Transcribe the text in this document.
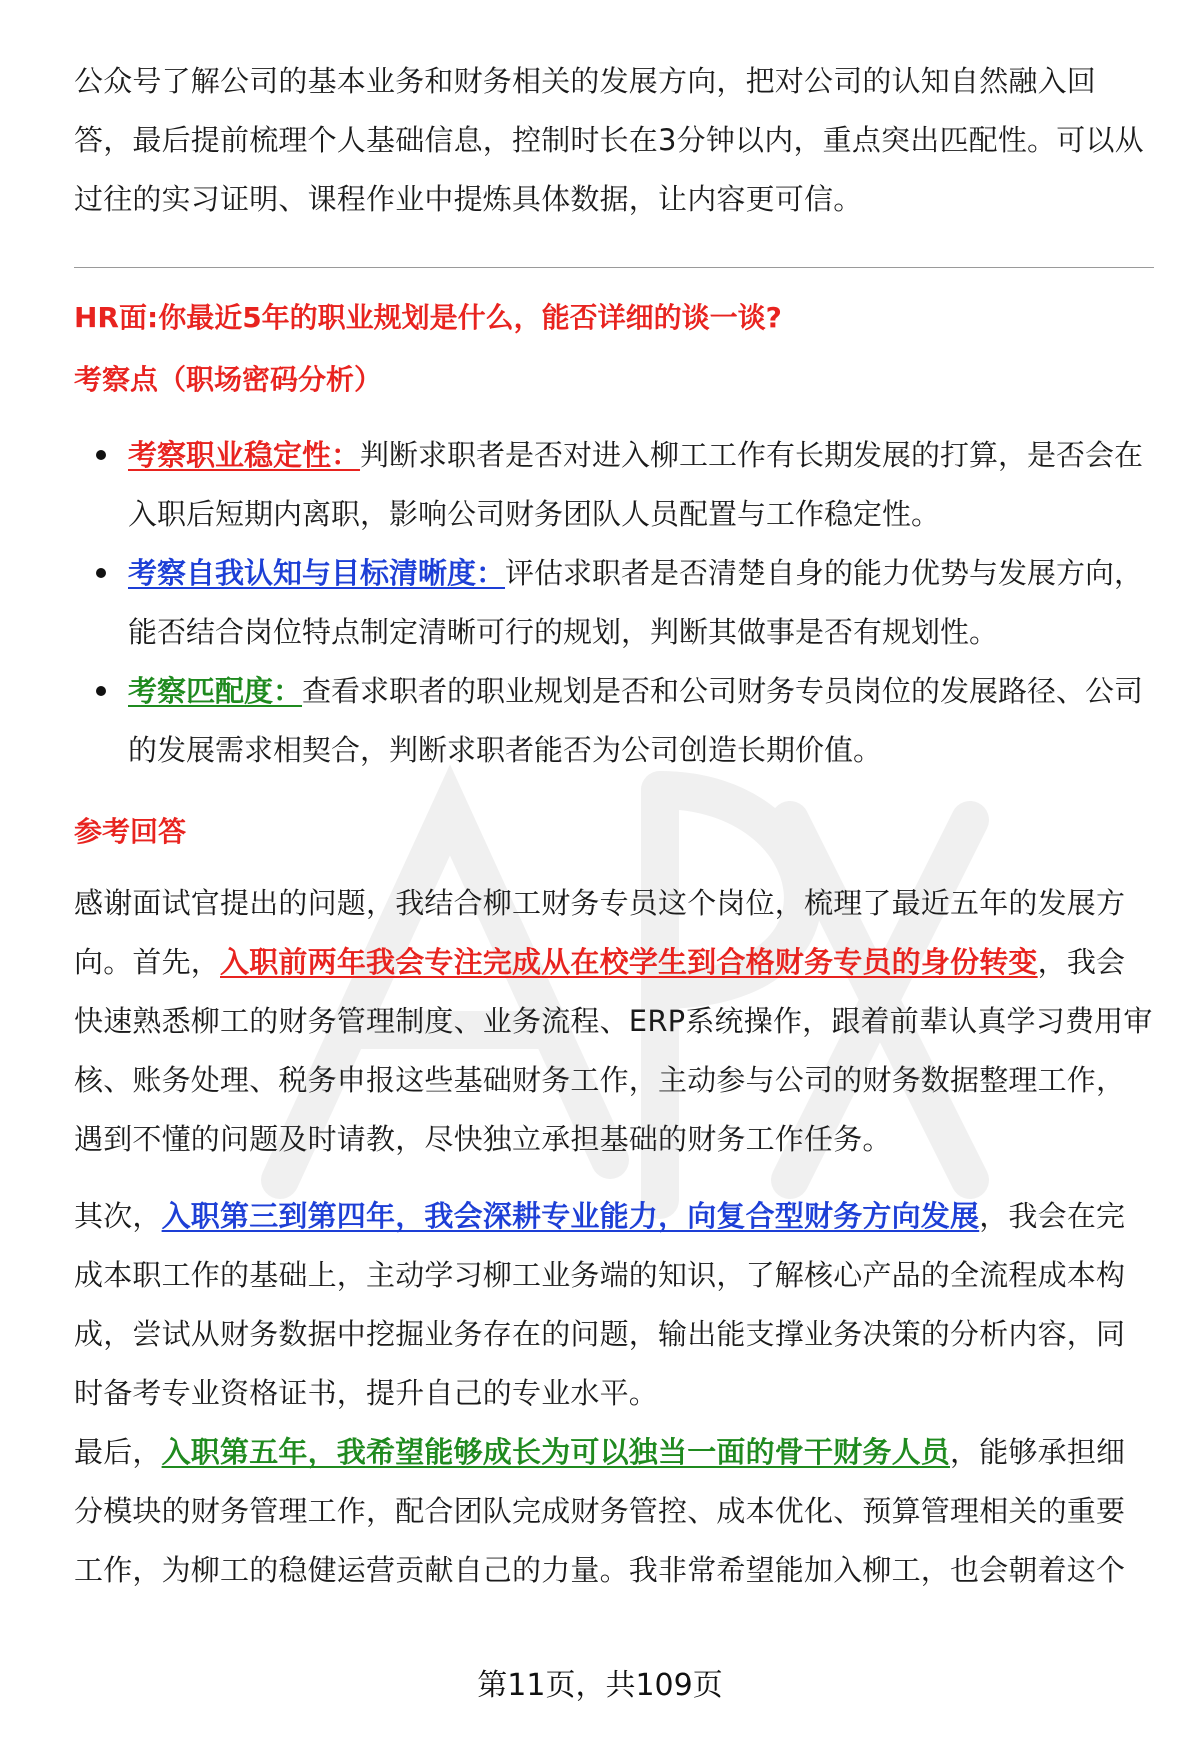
公众号了解公司的基本业务和财务相关的发展方向，把对公司的认知自然融入回答，最后提前梳理个人基础信息，控制时长在3分钟以内，重点突出匹配性。可以从过往的实习证明、课程作业中提炼具体数据，让内容更可信。

HR面:你最近5年的职业规划是什么，能否详细的谈一谈?

考察点（职场密码分析）

考察职业稳定性：判断求职者是否对进入柳工工作有长期发展的打算，是否会在入职后短期内离职，影响公司财务团队人员配置与工作稳定性。
考察自我认知与目标清晰度：评估求职者是否清楚自身的能力优势与发展方向，能否结合岗位特点制定清晰可行的规划，判断其做事是否有规划性。
考察匹配度：查看求职者的职业规划是否和公司财务专员岗位的发展路径、公司的发展需求相契合，判断求职者能否为公司创造长期价值。

参考回答

感谢面试官提出的问题，我结合柳工财务专员这个岗位，梳理了最近五年的发展方向。首先，入职前两年我会专注完成从在校学生到合格财务专员的身份转变，我会快速熟悉柳工的财务管理制度、业务流程、ERP系统操作，跟着前辈认真学习费用审核、账务处理、税务申报这些基础财务工作，主动参与公司的财务数据整理工作，遇到不懂的问题及时请教，尽快独立承担基础的财务工作任务。

其次，入职第三到第四年，我会深耕专业能力，向复合型财务方向发展，我会在完成本职工作的基础上，主动学习柳工业务端的知识，了解核心产品的全流程成本构成，尝试从财务数据中挖掘业务存在的问题，输出能支撑业务决策的分析内容，同时备考专业资格证书，提升自己的专业水平。

最后，入职第五年，我希望能够成长为可以独当一面的骨干财务人员，能够承担细分模块的财务管理工作，配合团队完成财务管控、成本优化、预算管理相关的重要工作，为柳工的稳健运营贡献自己的力量。我非常希望能加入柳工，也会朝着这个

第11页，共109页
